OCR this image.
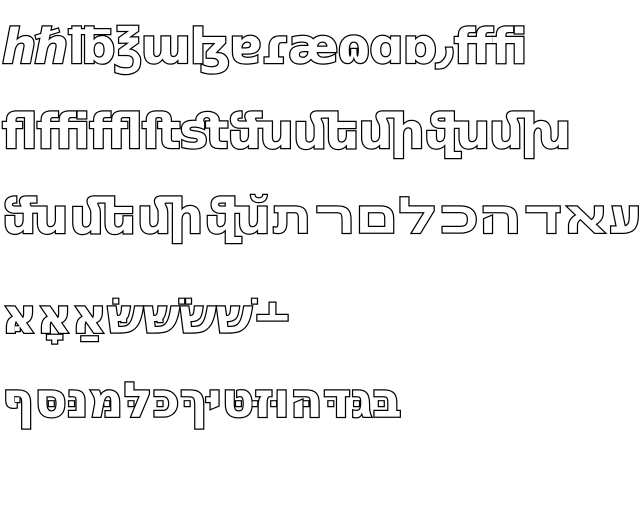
ℎℏ℔℥ɯɮɐɾæɷɑɒ٫ﬀﬁ
ﬂﬃﬄﬅﬆﬓﬔﬕﬖﬗ
ﬓﬔﬕﬖ̆ﬠﬡﬢﬣﬤﬥﬦﬧﬨ
﬩שׁשׂשּׁשּׂאַאָאּ
בּגּדּהּוּזּטּיּךּכּלּמּנּסּףּ
